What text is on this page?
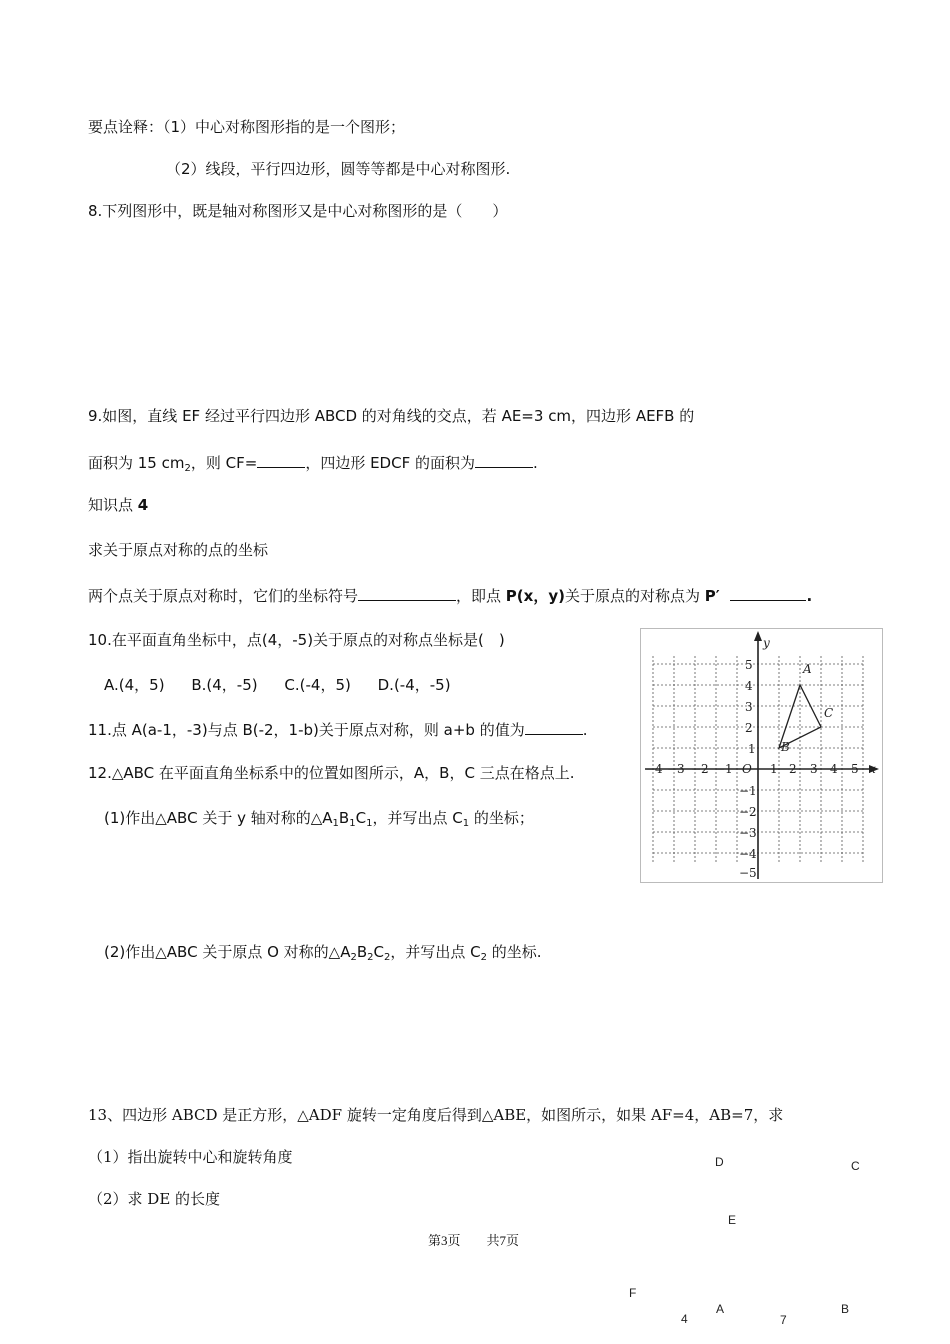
要点诠释：（1）中心对称图形指的是一个图形；
（2）线段，平行四边形，圆等等都是中心对称图形.
8.下列图形中，既是轴对称图形又是中心对称图形的是（　　）
9.如图，直线 EF 经过平行四边形 ABCD 的对角线的交点，若 AE=3 cm，四边形 AEFB 的
面积为 15 $cm_2$，则 CF=	，四边形 EDCF 的面积为	.
知识点 4
求关于原点对称的点的坐标
两个点关于原点对称时，它们的坐标符号	，即点 P(x，y)关于原点的对称点为 P′	.
10.在平面直角坐标中，点(4，-5)关于原点的对称点坐标是(　)
A.(4，5) B.(4，-5) C.(-4，5) D.(-4，-5)
11.点 A(a-1，-3)与点 B(-2，1-b)关于原点对称，则 a+b 的值为	.
12.△ABC 在平面直角坐标系中的位置如图所示，A，B，C 三点在格点上.
(1)作出△ABC 关于 y 轴对称的$\triangle A_1B_1C_1$，并写出点 $C_1$ 的坐标；
(2)作出△ABC 关于原点 O 对称的$\triangle A_2B_2C_2$，并写出点 $C_2$ 的坐标.
y
x
O
−4 −3 −2 −1	1 2 3 4 5
5
4
3
2
1
−1
−2
−3
−4
−5
A
B
C
13、四边形 ABCD 是正方形，△ADF 旋转一定角度后得到△ABE，如图所示，如果 AF=4，AB=7，求
（1）指出旋转中心和旋转角度
（2）求 DE 的长度
D	C
E
F
A	B
4	7
第3页　　共7页
